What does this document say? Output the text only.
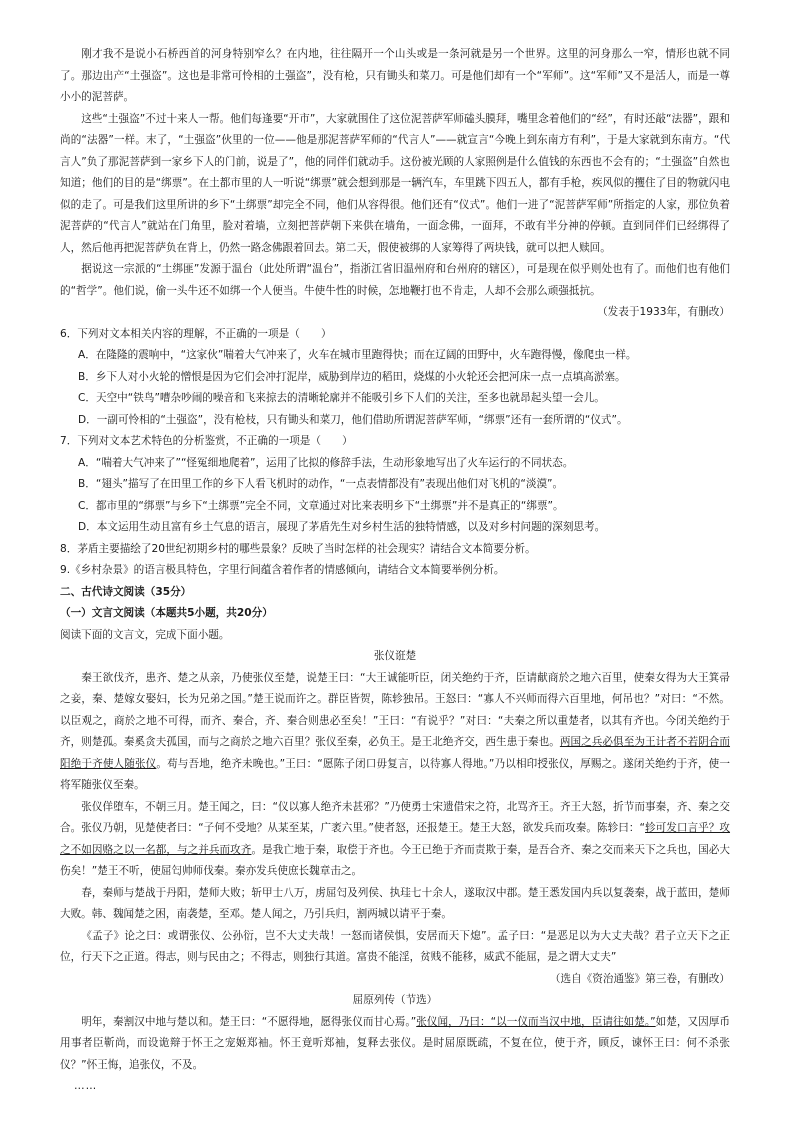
刚才我不是说小石桥西首的河身特别窄么？在内地，往往隔开一个山头或是一条河就是另一个世界。这里的河身那么一窄，情形也就不同了。那边出产“土强盗”。这也是非常可怜相的土强盗”，没有枪，只有锄头和菜刀。可是他们却有一个“军师”。这“军师”又不是活人，而是一尊小小的泥菩萨。

这些“土强盗”不过十来人一帮。他们每逢要“开市”，大家就围住了这位泥菩萨军师磕头膜拜，嘴里念着他们的“经”，有时还敲“法器”，跟和尚的“法器”一样。末了，“土强盗”伙里的一位——他是那泥菩萨军师的“代言人”——就宣言“今晚上到东南方有利”，于是大家就到东南方。“代言人”负了那泥菩萨到一家乡下人的门前，说是了”，他的同伴们就动手。这份被光顾的人家照例是什么值钱的东西也不会有的；“土强盗”自然也知道；他们的目的是“绑票”。在土都市里的人一听说“绑票”就会想到那是一辆汽车，车里跳下四五人，都有手枪，疾风似的攫住了目的物就闪电似的走了。可是我们这里所讲的乡下“土绑票”却完全不同，他们从容得很。他们还有“仪式”。他们一进了“泥菩萨军师”所指定的人家，那位负着泥菩萨的“代言人”就站在门角里，脸对着墙，立刻把菩萨朝下来供在墙角，一面念佛，一面拜，不敢有半分神的停顿。直到同伴们已经绑得了人，然后他再把泥菩萨负在背上，仍然一路念佛跟着回去。第二天，假使被绑的人家筹得了两块钱，就可以把人赎回。

据说这一宗派的“土绑匪”发源于温台（此处所谓“温台”，指浙江省旧温州府和台州府的辖区），可是现在似乎则处也有了。而他们也有他们的“哲学”。他们说，偷一头牛还不如绑一个人便当。牛使牛性的时候，怎地鞭打也不肯走，人却不会那么顽强抵抗。

（发表于1933年，有删改）

6．下列对文本相关内容的理解，不正确的一项是（　　）

A．在隆隆的震响中，“这家伙”喘着大气冲来了，火车在城市里跑得快；而在辽阔的田野中，火车跑得慢，像爬虫一样。

B．乡下人对小火轮的憎恨是因为它们会冲打泥岸，威胁到岸边的稻田，烧煤的小火轮还会把河床一点一点填高淤塞。

C．天空中“铁鸟”嘈杂吵闹的噪音和飞来掠去的清晰轮廓并不能吸引乡下人们的关注，至多也就昂起头望一会儿。

D．一副可怜相的“土强盗”，没有枪枝，只有锄头和菜刀，他们借助所谓泥菩萨军师，“绑票”还有一套所谓的“仪式”。

7．下列对文本艺术特色的分析鉴赏，不正确的一项是（　　）

A．“喘着大气冲来了”“怪冤细地爬着”，运用了比拟的修辞手法，生动形象地写出了火车运行的不同状态。

B．“翅头”描写了在田里工作的乡下人看飞机时的动作，“一点表情都没有”表现出他们对飞机的“淡漠”。

C．都市里的“绑票”与乡下“土绑票”完全不同，文章通过对比来表明乡下“土绑票”并不是真正的“绑票”。

D．本文运用生动且富有乡土气息的语言，展现了茅盾先生对乡村生活的独特情感，以及对乡村问题的深刻思考。

8．茅盾主要描绘了20世纪初期乡村的哪些景象？反映了当时怎样的社会现实？请结合文本简要分析。

9.《乡村杂景》的语言极具特色，字里行间蕴含着作者的情感倾向，请结合文本简要举例分析。

二、古代诗文阅读（35分）

（一）文言文阅读（本题共5小题，共20分）

阅读下面的文言文，完成下面小题。

张仪诳楚

秦王欲伐齐，患齐、楚之从亲，乃使张仪至楚，说楚王曰：“大王诚能听臣，闭关绝约于齐，臣请献商於之地六百里，使秦女得为大王箕帚之妾，秦、楚嫁女娶妇，长为兄弟之国。”楚王说而许之。群臣皆贺，陈轸独吊。王怒曰：“寡人不兴师而得六百里地，何吊也？”对曰：“不然。以臣观之，商於之地不可得，而齐、秦合，齐、秦合则患必至矣！”王曰：“有说乎？”对曰：“夫秦之所以重楚者，以其有齐也。今闭关绝约于齐，则楚孤。秦奚贪夫孤国，而与之商於之地六百里？张仪至秦，必负王。是王北绝齐交，西生患于秦也。两国之兵必俱至为王计者不若阴合而阳绝于齐使人随张仪。苟与吾地，绝齐未晚也。”王曰：“愿陈子闭口毋复言，以待寡人得地。”乃以相印授张仪，厚赐之。遂闭关绝约于齐，使一将军随张仪至秦。

张仪佯堕车，不朝三月。楚王闻之，曰：“仪以寡人绝齐未甚邪？”乃使勇士宋遗借宋之符，北骂齐王。齐王大怒，折节而事秦，齐、秦之交合。张仪乃朝，见楚使者曰：“子何不受地？从某至某，广袤六里。”使者怒，还报楚王。楚王大怒，欲发兵而攻秦。陈轸曰：“轸可发口言乎？攻之不如因赂之以一名都，与之并兵而攻齐。是我亡地于秦，取偿于齐也。今王已绝于齐而责欺于秦，是吾合齐、秦之交而来天下之兵也，国必大伤矣！”楚王不听，使屈匄帅师伐秦。秦亦发兵使庶长魏章击之。

春，秦师与楚战于丹阳，楚师大败；斩甲士八万，虏屈匄及列侯、执珪七十余人，遂取汉中郡。楚王悉发国内兵以复袭秦，战于蓝田，楚师大败。韩、魏闻楚之困，南袭楚，至邓。楚人闻之，乃引兵归，割两城以请平于秦。

《孟子》论之曰：或谓张仪、公孙衍，岂不大丈夫哉！一怒而诸侯惧，安居而天下熄”。孟子曰：“是恶足以为大丈夫哉？君子立天下之正位，行天下之正道。得志，则与民由之；不得志，则独行其道。富贵不能淫，贫贱不能移，威武不能屈，是之谓大丈夫”

（选自《资治通鉴》第三卷，有删改）

屈原列传（节选）

明年，秦割汉中地与楚以和。楚王曰：“不愿得地，愿得张仪而甘心焉。”张仪闻，乃曰：“以一仪而当汉中地，臣请往如楚。”如楚，又因厚币用事者臣靳尚，而设诡辩于怀王之宠姬郑袖。怀王竟听郑袖，复释去张仪。是时屈原既疏，不复在位，使于齐，顾反，谏怀王曰：何不杀张仪？”怀王悔，追张仪，不及。

……
